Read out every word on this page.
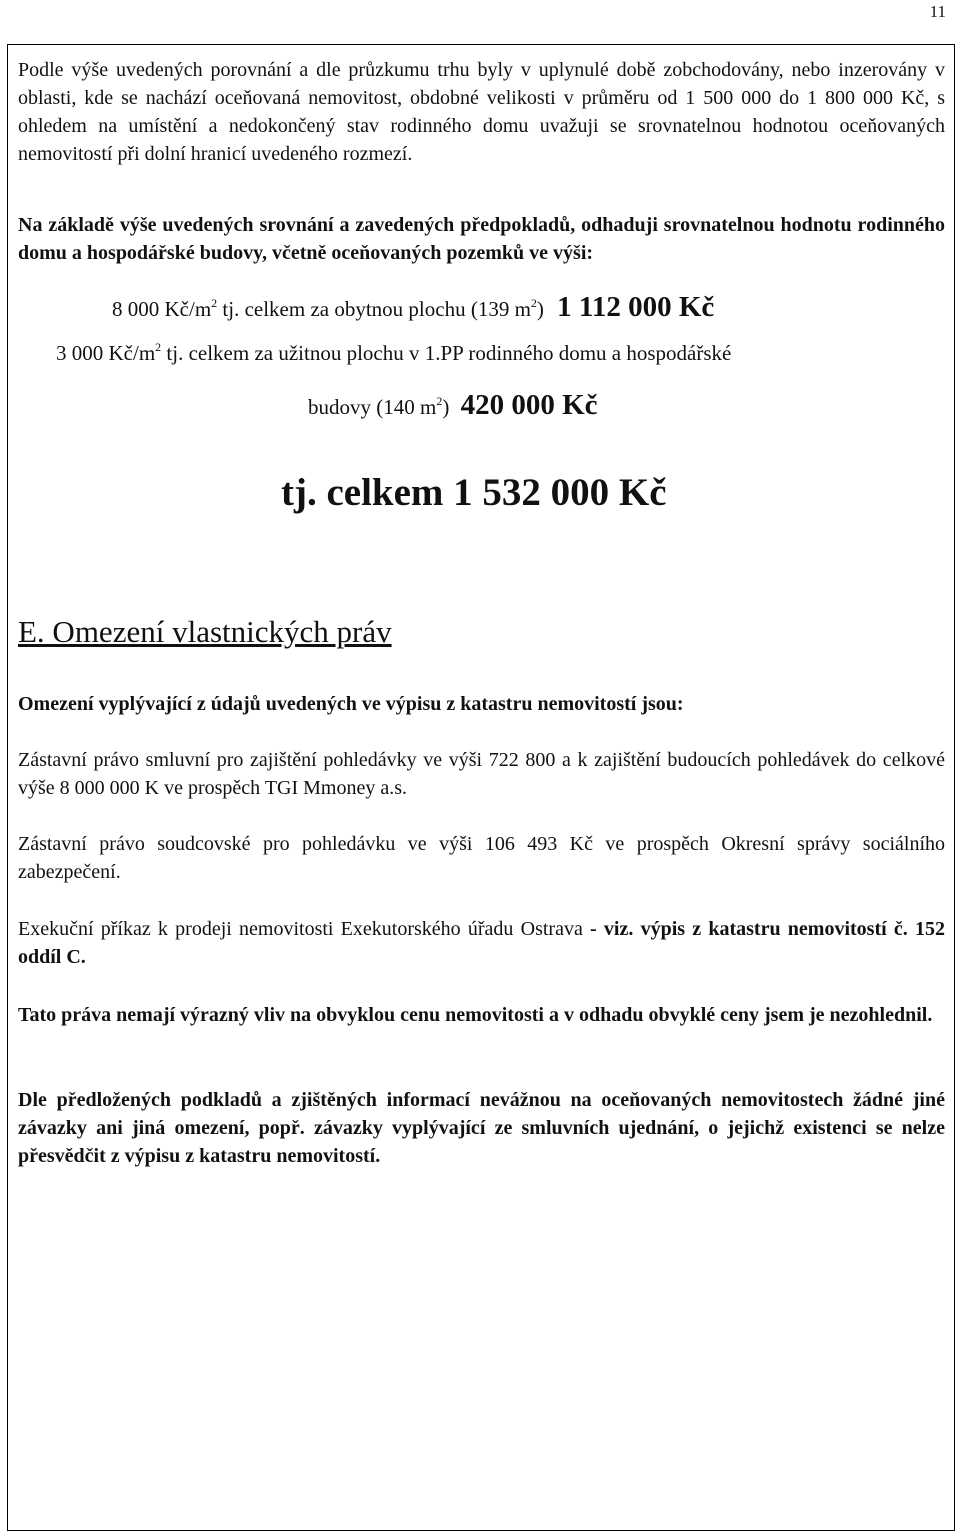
11

Podle výše uvedených porovnání a dle průzkumu trhu byly v uplynulé době zobchodovány, nebo inzerovány v oblasti, kde se nachází oceňovaná nemovitost, obdobné velikosti v průměru od 1 500 000 do 1 800 000 Kč, s ohledem na umístění a nedokončený stav rodinného domu uvažuji se srovnatelnou hodnotou oceňovaných nemovitostí při dolní hranicí uvedeného rozmezí.

Na základě výše uvedených srovnání a zavedených předpokladů, odhaduji srovnatelnou hodnotu rodinného domu a hospodářské budovy, včetně oceňovaných pozemků ve výši:

8 000 $Kč/m^2$ tj. celkem za obytnou plochu (139 $m^2$) 1 112 000 Kč
3 000 $Kč/m^2$ tj. celkem za užitnou plochu v 1.PP rodinného domu a hospodářské
budovy (140 $m^2$) 420 000 Kč
tj. celkem 1 532 000 Kč
E. Omezení vlastnických práv

Omezení vyplývající z údajů uvedených ve výpisu z katastru nemovitostí jsou:

Zástavní právo smluvní pro zajištění pohledávky ve výši 722 800 a k zajištění budoucích pohledávek do celkové výše 8 000 000 K ve prospěch TGI Mmoney a.s.

Zástavní právo soudcovské pro pohledávku ve výši 106 493 Kč ve prospěch Okresní správy sociálního zabezpečení.

Exekuční příkaz k prodeji nemovitosti Exekutorského úřadu Ostrava - viz. výpis z katastru nemovitostí č. 152 oddíl C.

Tato práva nemají výrazný vliv na obvyklou cenu nemovitosti a v odhadu obvyklé ceny jsem je nezohlednil.

Dle předložených podkladů a zjištěných informací nevážnou na oceňovaných nemovitostech žádné jiné závazky ani jiná omezení, popř. závazky vyplývající ze smluvních ujednání, o jejichž existenci se nelze přesvědčit z výpisu z katastru nemovitostí.
